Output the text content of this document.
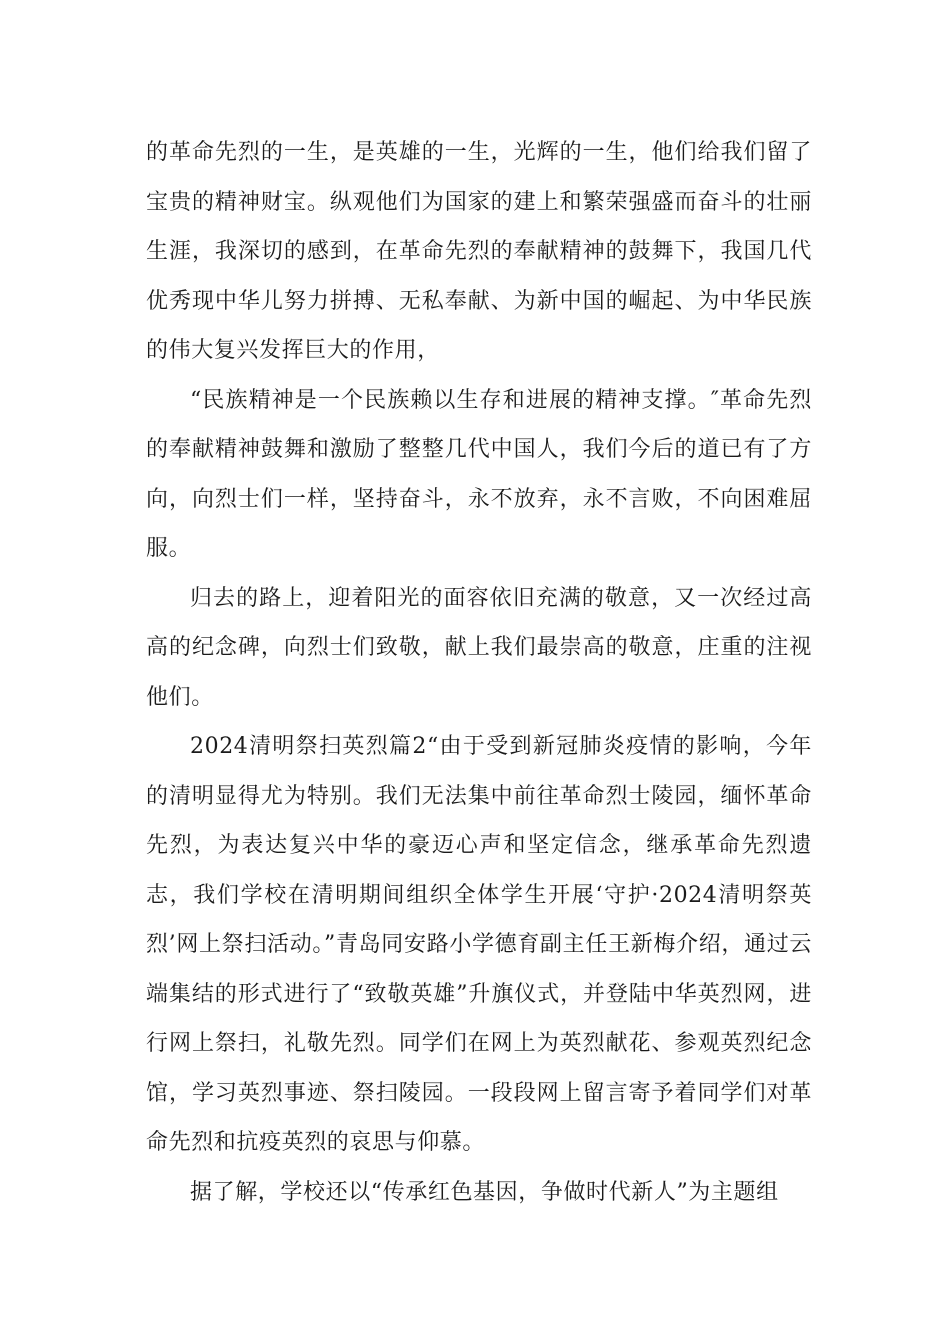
的革命先烈的一生，是英雄的一生，光辉的一生，他们给我们留了宝贵的精神财宝。纵观他们为国家的建上和繁荣强盛而奋斗的壮丽生涯，我深切的感到，在革命先烈的奉献精神的鼓舞下，我国几代优秀现中华儿努力拼搏、无私奉献、为新中国的崛起、为中华民族的伟大复兴发挥巨大的作用，

“民族精神是一个民族赖以生存和进展的精神支撑。″革命先烈的奉献精神鼓舞和激励了整整几代中国人，我们今后的道已有了方向，向烈士们一样，坚持奋斗，永不放弃，永不言败，不向困难屈服。

归去的路上，迎着阳光的面容依旧充满的敬意，又一次经过高高的纪念碑，向烈士们致敬，献上我们最崇高的敬意，庄重的注视他们。

2024清明祭扫英烈篇2“由于受到新冠肺炎疫情的影响，今年的清明显得尤为特别。我们无法集中前往革命烈士陵园，缅怀革命先烈，为表达复兴中华的豪迈心声和坚定信念，继承革命先烈遗志，我们学校在清明期间组织全体学生开展‘守护·2024清明祭英烈’网上祭扫活动。”青岛同安路小学德育副主任王新梅介绍，通过云端集结的形式进行了“致敬英雄”升旗仪式，并登陆中华英烈网，进行网上祭扫，礼敬先烈。同学们在网上为英烈献花、参观英烈纪念馆，学习英烈事迹、祭扫陵园。一段段网上留言寄予着同学们对革命先烈和抗疫英烈的哀思与仰慕。

据了解，学校还以“传承红色基因，争做时代新人”为主题组
